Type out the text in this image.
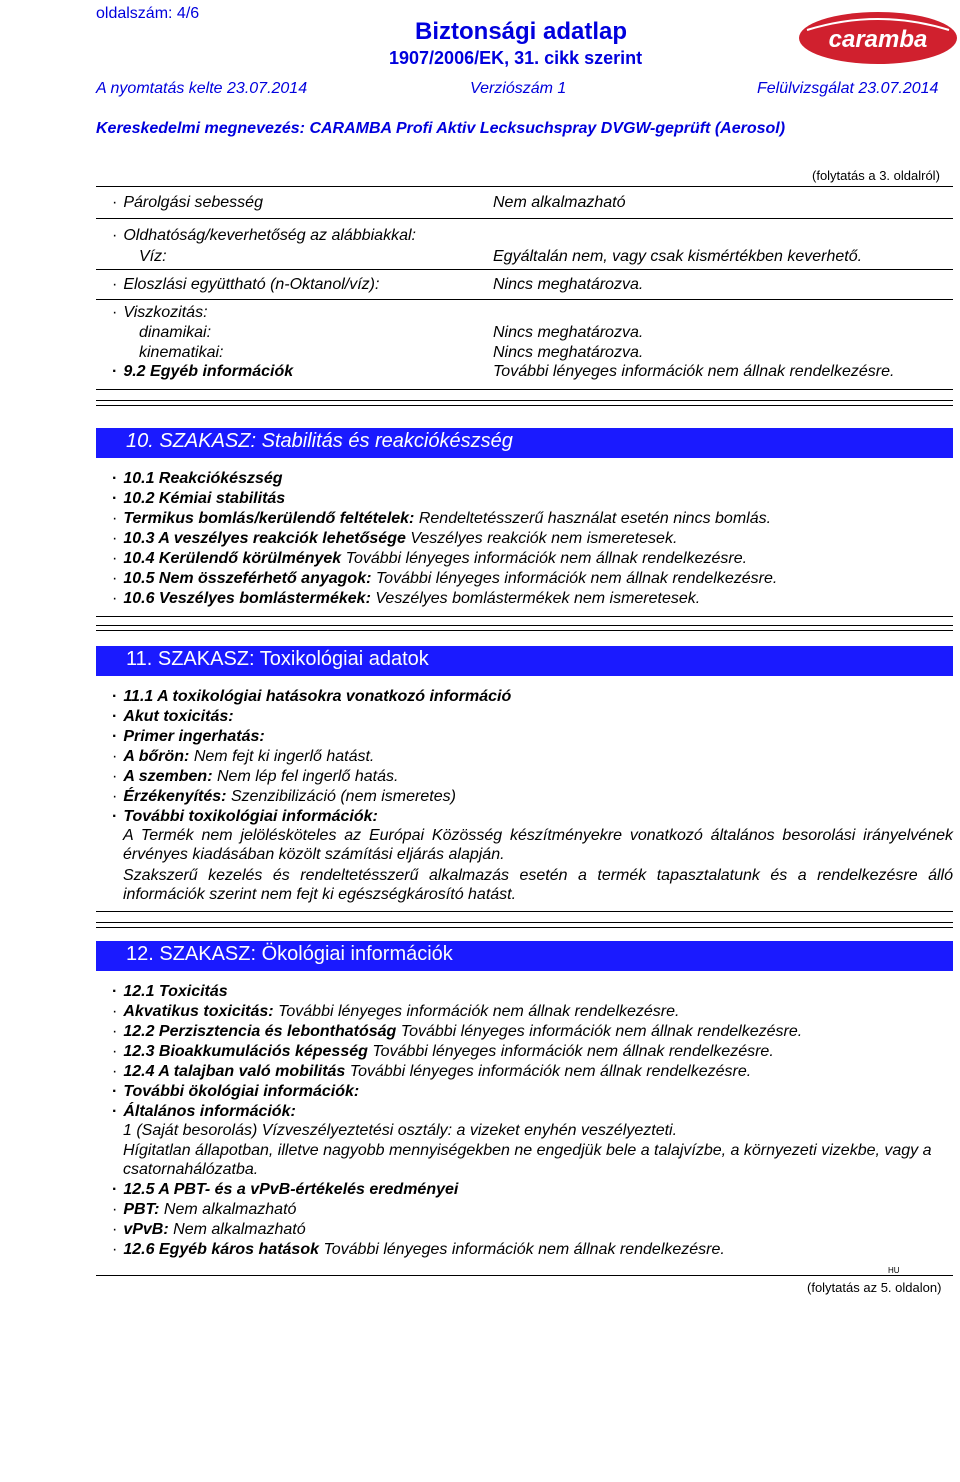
oldalszám: 4/6
Biztonsági adatlap
1907/2006/EK, 31. cikk szerint
caramba
A nyomtatás kelte 23.07.2014	Verziószám 1	Felülvizsgálat 23.07.2014
Kereskedelmi megnevezés: CARAMBA Profi Aktiv Lecksuchspray DVGW-geprüft (Aerosol)
(folytatás a 3. oldalról)
· Párolgási sebesség	Nem alkalmazható
· Oldhatóság/keverhetőség az alábbiakkal:
Víz:	Egyáltalán nem, vagy csak kismértékben keverhető.
· Eloszlási együttható (n-Oktanol/víz):	Nincs meghatározva.
· Viszkozitás:
dinamikai:	Nincs meghatározva.
kinematikai:	Nincs meghatározva.
· 9.2 Egyéb információk	További lényeges információk nem állnak rendelkezésre.
10. SZAKASZ: Stabilitás és reakciókészség
· 10.1 Reakciókészség
· 10.2 Kémiai stabilitás
· Termikus bomlás/kerülendő feltételek: Rendeltetésszerű használat esetén nincs bomlás.
· 10.3 A veszélyes reakciók lehetősége Veszélyes reakciók nem ismeretesek.
· 10.4 Kerülendő körülmények További lényeges információk nem állnak rendelkezésre.
· 10.5 Nem összeférhető anyagok: További lényeges információk nem állnak rendelkezésre.
· 10.6 Veszélyes bomlástermékek: Veszélyes bomlástermékek nem ismeretesek.
11. SZAKASZ: Toxikológiai adatok
· 11.1 A toxikológiai hatásokra vonatkozó információ
· Akut toxicitás:
· Primer ingerhatás:
· A bőrön: Nem fejt ki ingerlő hatást.
· A szemben: Nem lép fel ingerlő hatás.
· Érzékenyítés: Szenzibilizáció (nem ismeretes)
· További toxikológiai információk:
A Termék nem jelölésköteles az Európai Közösség készítményekre vonatkozó általános besorolási irányelvének érvényes kiadásában közölt számítási eljárás alapján.
Szakszerű kezelés és rendeltetésszerű alkalmazás esetén a termék tapasztalatunk és a rendelkezésre álló információk szerint nem fejt ki egészségkárosító hatást.
12. SZAKASZ: Ökológiai információk
· 12.1 Toxicitás
· Akvatikus toxicitás: További lényeges információk nem állnak rendelkezésre.
· 12.2 Perzisztencia és lebonthatóság További lényeges információk nem állnak rendelkezésre.
· 12.3 Bioakkumulációs képesség További lényeges információk nem állnak rendelkezésre.
· 12.4 A talajban való mobilitás További lényeges információk nem állnak rendelkezésre.
· További ökológiai információk:
· Általános információk:
1 (Saját besorolás) Vízveszélyeztetési osztály: a vizeket enyhén veszélyezteti.
Hígitatlan állapotban, illetve nagyobb mennyiségekben ne engedjük bele a talajvízbe, a környezeti vizekbe, vagy a csatornahálózatba.
· 12.5 A PBT- és a vPvB-értékelés eredményei
· PBT: Nem alkalmazható
· vPvB: Nem alkalmazható
· 12.6 Egyéb káros hatások További lényeges információk nem állnak rendelkezésre.
HU
(folytatás az 5. oldalon)
